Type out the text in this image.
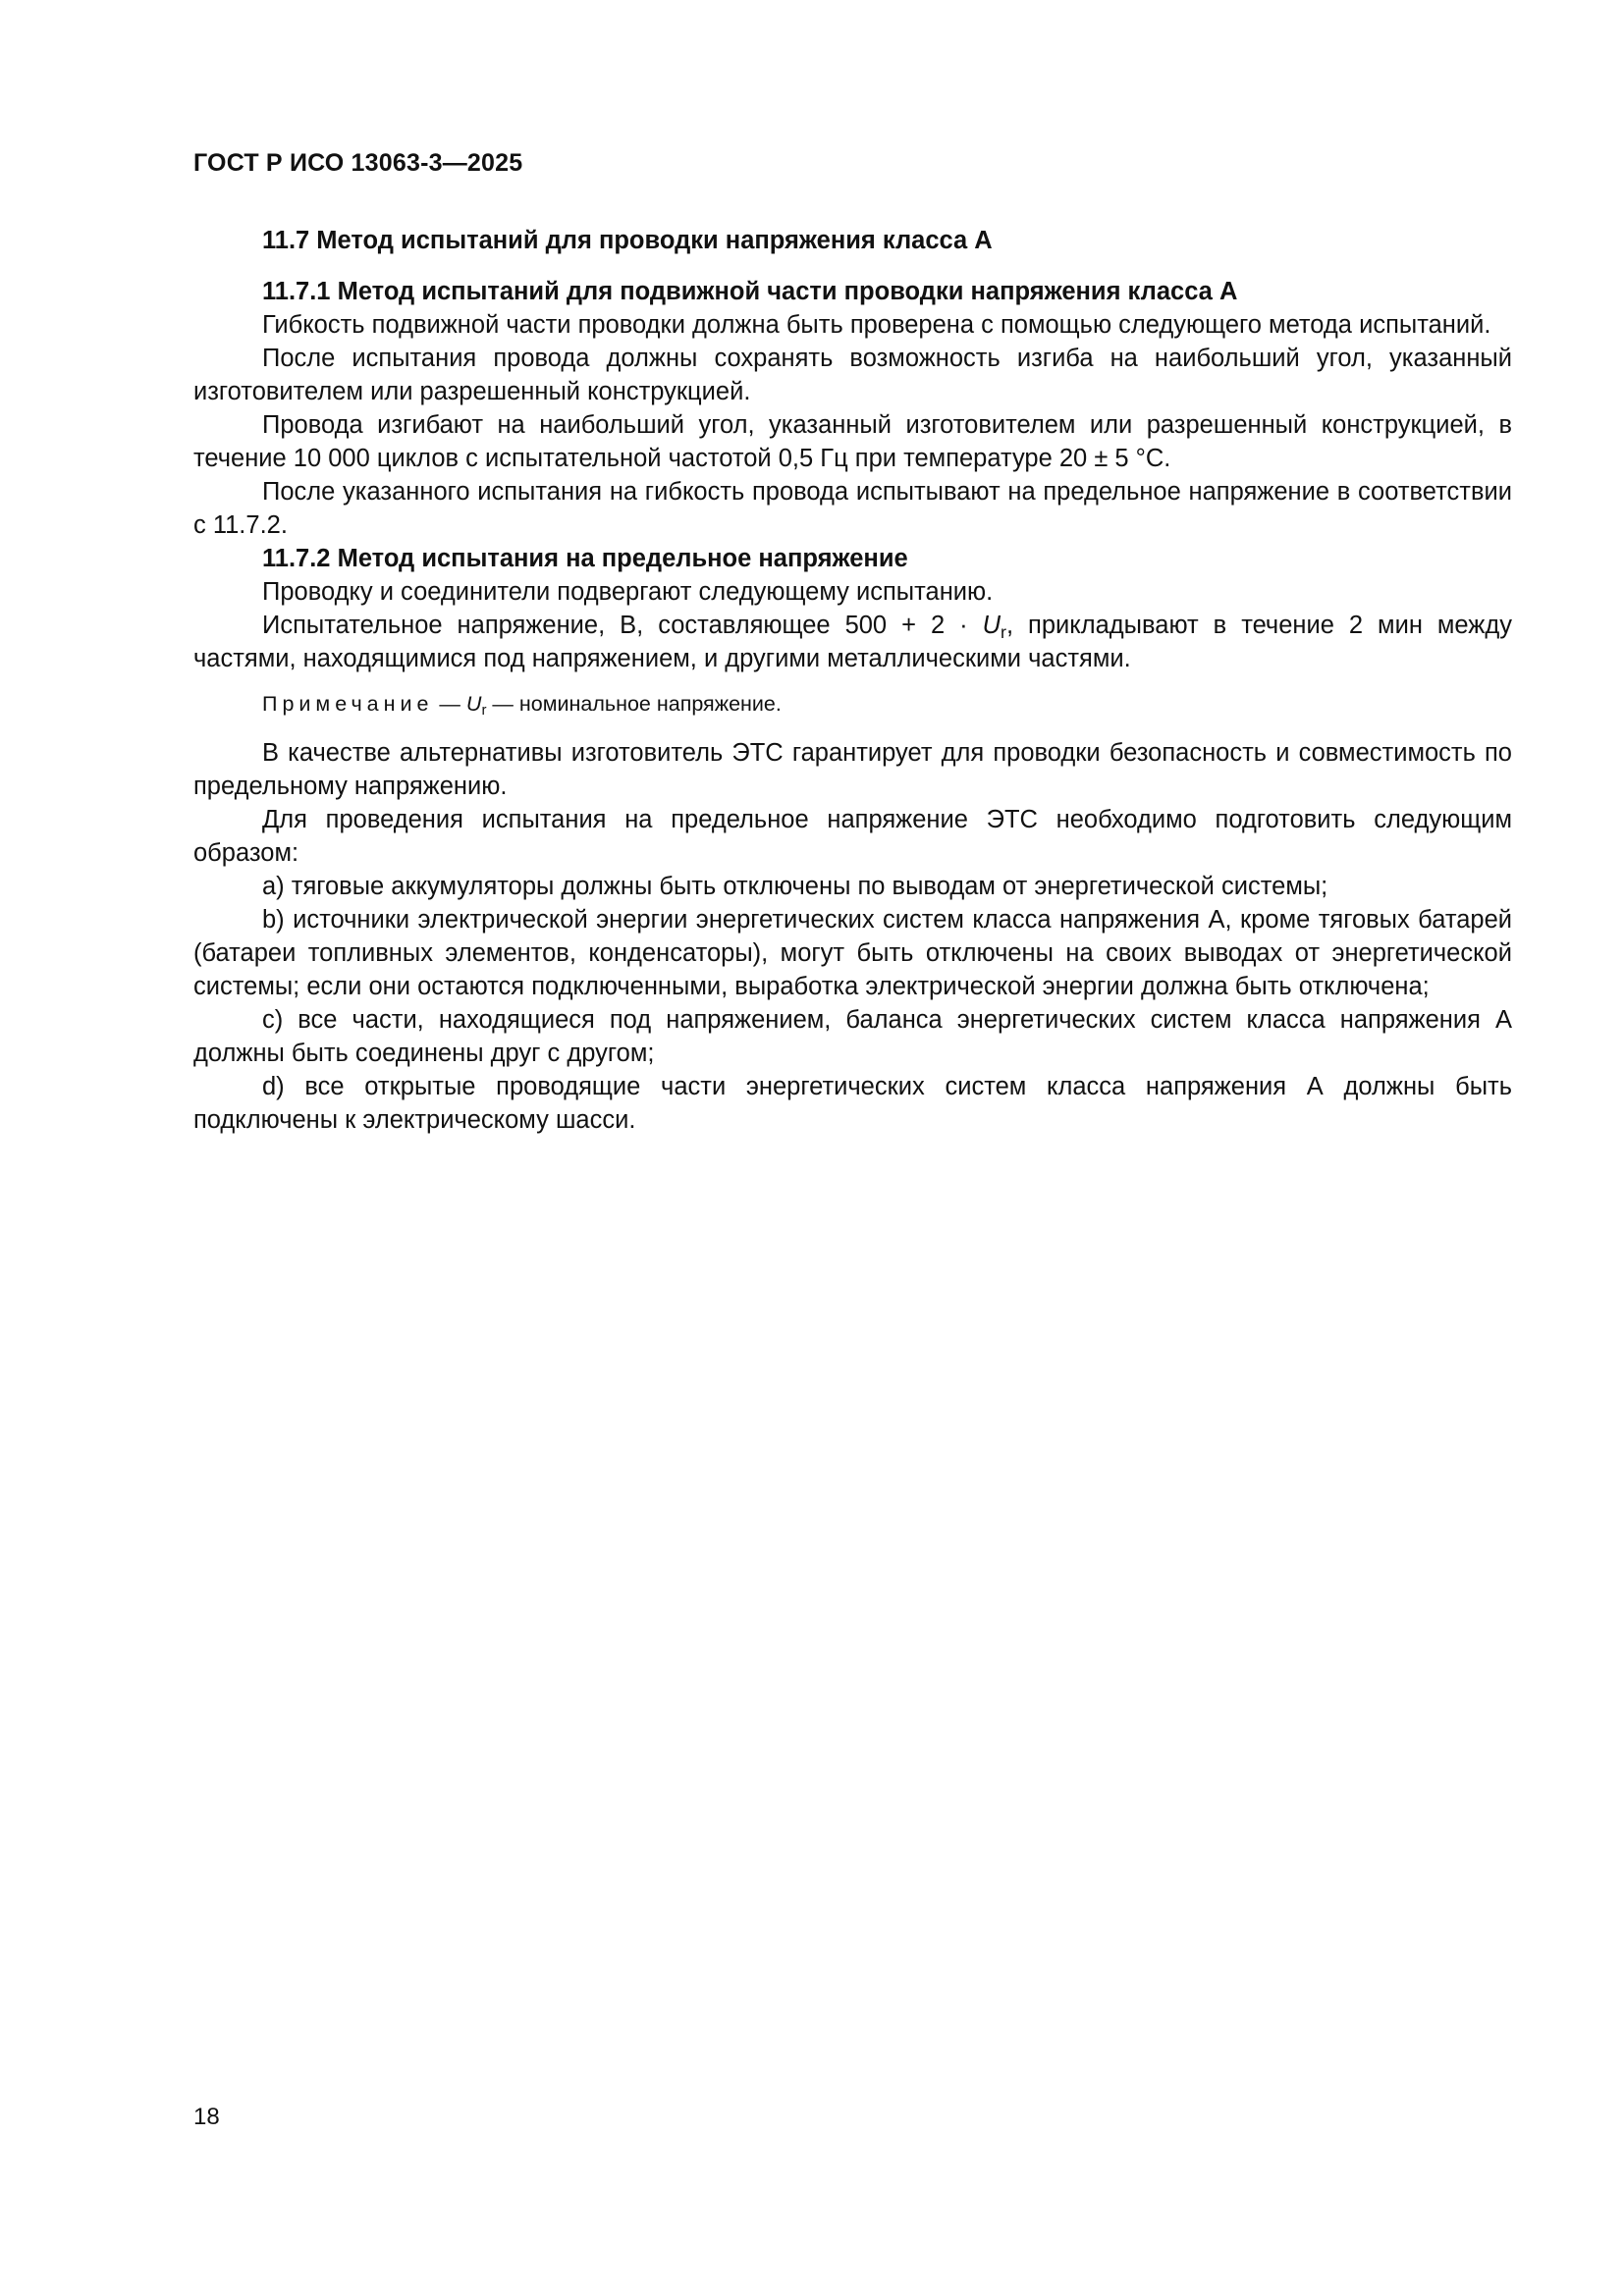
ГОСТ Р ИСО 13063-3—2025

11.7 Метод испытаний для проводки напряжения класса А

11.7.1 Метод испытаний для подвижной части проводки напряжения класса А

Гибкость подвижной части проводки должна быть проверена с помощью следующего метода испытаний.

После испытания провода должны сохранять возможность изгиба на наибольший угол, указанный изготовителем или разрешенный конструкцией.

Провода изгибают на наибольший угол, указанный изготовителем или разрешенный конструкцией, в течение 10 000 циклов с испытательной частотой 0,5 Гц при температуре 20 ± 5 °С.

После указанного испытания на гибкость провода испытывают на предельное напряжение в соответствии с 11.7.2.

11.7.2 Метод испытания на предельное напряжение

Проводку и соединители подвергают следующему испытанию.

Испытательное напряжение, В, составляющее $500 + 2 \cdot U_r$, прикладывают в течение 2 мин между частями, находящимися под напряжением, и другими металлическими частями.

Примечание — $U_r$ — номинальное напряжение.

В качестве альтернативы изготовитель ЭТС гарантирует для проводки безопасность и совместимость по предельному напряжению.

Для проведения испытания на предельное напряжение ЭТС необходимо подготовить следующим образом:

а) тяговые аккумуляторы должны быть отключены по выводам от энергетической системы;

b) источники электрической энергии энергетических систем класса напряжения А, кроме тяговых батарей (батареи топливных элементов, конденсаторы), могут быть отключены на своих выводах от энергетической системы; если они остаются подключенными, выработка электрической энергии должна быть отключена;

c) все части, находящиеся под напряжением, баланса энергетических систем класса напряжения А должны быть соединены друг с другом;

d) все открытые проводящие части энергетических систем класса напряжения А должны быть подключены к электрическому шасси.

18
